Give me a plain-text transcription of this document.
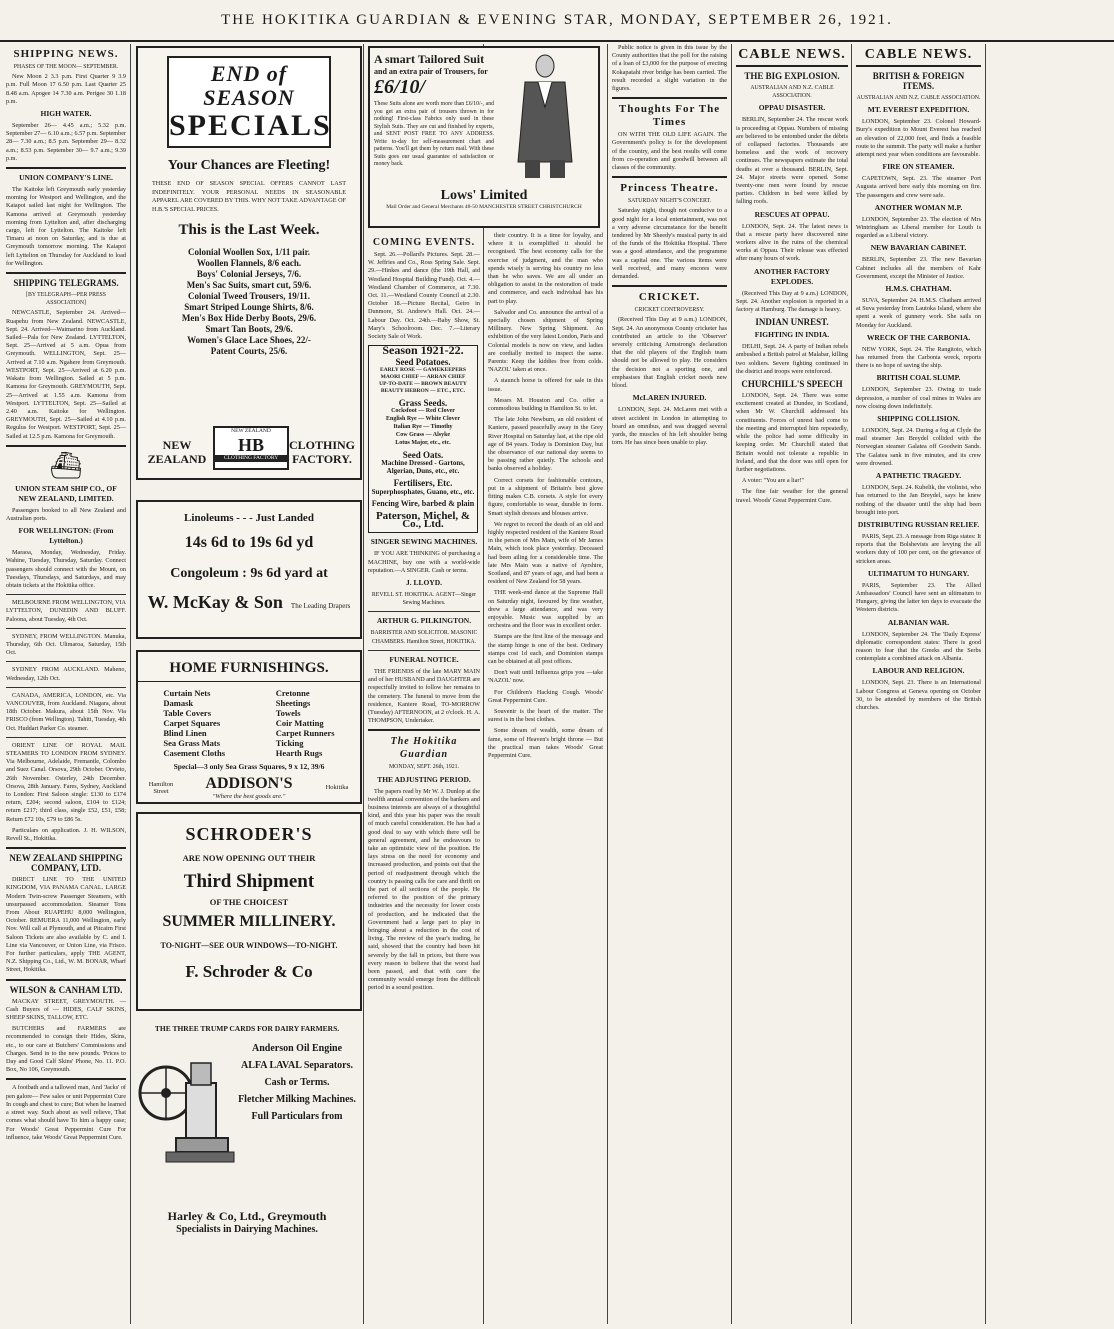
THE HOKITIKA GUARDIAN & EVENING STAR, MONDAY, SEPTEMBER 26, 1921.
SHIPPING NEWS.
PHASES OF THE MOON— SEPTEMBER.

New Moon 2 3.3 p.m. First Quarter 9 3.9 p.m. Full Moon 17 6.50 p.m. Last Quarter 25 8.48 a.m. Apogee 14 7.30 a.m. Perigee 30 1.18 p.m.

HIGH WATER.

September 26— 4.45 a.m.; 5.32 p.m. September 27— 6.10 a.m.; 6.57 p.m. September 28— 7.30 a.m.; 8.5 p.m. September 29— 8.32 a.m.; 8.53 p.m. September 30— 9.7 a.m.; 9.39 p.m.

UNION COMPANY'S LINE.

The Kaitoke left Greymouth early yesterday morning for Westport and Wellington, and the Kaiapoi sailed last night for Wellington. The Kamona arrived at Greymouth yesterday morning from Lyttelton and, after discharging cargo, left for Lyttelton. The Kaitoke left Timaru at noon on Saturday, and is due at Greymouth tomorrow morning. The Kaiapoi left Lyttelton on Thursday for Auckland to load for Wellington.

SHIPPING TELEGRAMS.
[BY TELEGRAPH—PER PRESS ASSOCIATION]

NEWCASTLE, September 24. Arrived—Ruapehu from New Zealand. NEWCASTLE, Sept. 24. Arrived—Waimarino from Auckland. Sailed—Pala for New Zealand. LYTTELTON, Sept. 25—Arrived at 5 a.m. Opua from Greymouth. WELLINGTON, Sept. 25—Arrived at 7.10 a.m. Ngahere from Greymouth. WESTPORT, Sept. 25—Arrived at 6.20 p.m. Wakatu from Wellington. Sailed at 5 p.m. Kamona for Greymouth. GREYMOUTH, Sept. 25—Arrived at 1.55 a.m. Kamona from Westport. LYTTELTON, Sept. 25—Sailed at 2.40 a.m. Kaitoke for Wellington. GREYMOUTH, Sept. 25—Sailed at 4.10 p.m. Regulus for Westport. WESTPORT, Sept. 25—Sailed at 12.5 p.m. Kamona for Greymouth.

⛴
UNION STEAM SHIP CO., OF NEW ZEALAND, LIMITED.

Passengers booked to all New Zealand and Australian ports.

FOR WELLINGTON: (From Lyttelton.)

Maraoa, Monday, Wednesday, Friday. Wahine, Tuesday, Thursday, Saturday. Connect passengers should connect with the Mount, on Tuesdays, Thursdays, and Saturdays, and may obtain tickets at the Hokitika office.

MELBOURNE FROM WELLINGTON, VIA LYTTELTON, DUNEDIN AND BLUFF. Paloona, about Tuesday, 4th Oct.

SYDNEY, FROM WELLINGTON. Manuka, Thursday, 6th Oct. Ulimaroa, Saturday, 15th Oct.

SYDNEY FROM AUCKLAND. Maheno, Wednesday, 12th Oct.

CANADA, AMERICA, LONDON, etc. Via VANCOUVER, from Auckland. Niagara, about 18th October. Makura, about 15th Nov. Via FRISCO (from Wellington). Tahiti, Tuesday, 4th Oct. Huddart Parker Co. steamer.

ORIENT LINE OF ROYAL MAIL STEAMERS TO LONDON FROM SYDNEY. Via Melbourne, Adelaide, Fremantle, Colombo and Suez Canal. Orsova, 29th October. Orvieto, 26th November. Osterley, 24th December. Orsova, 28th January. Fares, Sydney, Auckland to London: First Saloon single: £130 to £174 return, £204; second saloon, £104 to £124; return £217; third class, single £52, £51, £58; Return £72 10s, £79 to £86 5s.

Particulars on application. J. H. WILSON, Revell St., Hokitika.

NEW ZEALAND SHIPPING COMPANY, LTD.

DIRECT LINE TO THE UNITED KINGDOM, VIA PANAMA CANAL. LARGE Modern Twin-screw Passenger Steamers, with unsurpassed accommodation. Steamer Tons From About RUAPEHU 8,000 Wellington, October. REMUERA 11,000 Wellington, early Nov. Will call at Plymouth, and at Pitcairn First Saloon Tickets are also available by C. and I. Line via Vancouver, or Union Line, via Frisco. For further particulars, apply THE AGENT, N.Z. Shipping Co., Ltd., W. M. BONAR, Wharf Street, Hokitika.

WILSON & CANHAM LTD.

MACKAY STREET, GREYMOUTH. — Cash Buyers of — HIDES, CALF SKINS, SHEEP SKINS, TALLOW, ETC.

BUTCHERS and FARMERS are recommended to consign their Hides, Skins, etc., to our care at Butchers' Commissions and Charges. Send in to the new pounds. 'Prices to Day and Good Calf Skins' Phone, No. 11. P.O. Box, No 106, Greymouth.

A footbath and a tallowed man, And 'Jacks' of pen galore— Few sales or unit Peppermint Cure In cough and chest to cure; But when he learned a street way. Such about as well relieve, That comes what should have To him a happy case; For Woods' Great Peppermint Cure For influence, take Woods' Great Peppermint Cure.

END of SEASON
SPECIALS
Your Chances are Fleeting!
THESE END OF SEASON SPECIAL OFFERS CANNOT LAST INDEFINITELY. YOUR PERSONAL NEEDS IN SEASONABLE APPAREL ARE COVERED BY THIS. WHY NOT TAKE ADVANTAGE OF H.B.'S SPECIAL PRICES.
This is the Last Week.
Colonial Woollen Sox, 1/11 pair.
Woollen Flannels, 8/6 each.
Boys' Colonial Jerseys, 7/6.
Men's Sac Suits, smart cut, 59/6.
Colonial Tweed Trousers, 19/11.
Smart Striped Lounge Shirts, 8/6.
Men's Box Hide Derby Boots, 29/6.
Smart Tan Boots, 29/6.
Women's Glace Lace Shoes, 22/-
Patent Courts, 25/6.
NEW ZEALAND
NEW ZEALAND
HB
CLOTHING FACTORY
CLOTHING FACTORY.
Linoleums - - - Just Landed
14s 6d to 19s 6d yd
Congoleum : 9s 6d yard at
W. McKay & Son The Leading Drapers
HOME FURNISHINGS.
Curtain Nets
Damask
Table Covers
Carpet Squares
Blind Linen
Sea Grass Mats
Casement Cloths
Cretonne
Sheetings
Towels
Coir Matting
Carpet Runners
Ticking
Hearth Rugs
Special—3 only Sea Grass Squares, 9 x 12, 39/6
Hamilton Street	ADDISON'S
"Where the best goods are."
Hokitika
SCHRODER'S
ARE NOW OPENING OUT THEIR
Third Shipment
OF THE CHOICEST
SUMMER MILLINERY.
TO-NIGHT—SEE OUR WINDOWS—TO-NIGHT.
F. Schroder & Co
THE THREE TRUMP CARDS FOR DAIRY FARMERS.
Anderson Oil Engine
ALFA LAVAL Separators.
Cash or Terms.
Fletcher Milking Machines.
Full Particulars from
Harley & Co, Ltd., Greymouth
Specialists in Dairying Machines.
A smart Tailored Suit
and an extra pair of Trousers, for
£6/10/
These Suits alone are worth more than £6/10/-, and you get an extra pair of trousers thrown in for nothing! First-class Fabrics only used in these Stylish Suits. They are cut and finished by experts, and SENT POST FREE TO ANY ADDRESS. Write to-day for self-measurement chart and patterns. You'll get them by return mail. With these Suits goes our usual guarantee of satisfaction or money back.
Lows' Limited
Mail Order and General Merchants 48-50 MANCHESTER STREET CHRISTCHURCH
COMING EVENTS.

Sept. 26.—Pollard's Pictures. Sept. 28.—W. Jeffries and Co., Ross Spring Sale. Sept. 29.—Hinkes and dance (the 19th Hall, aid Westland Hospital Building Fund). Oct. 4.—Westland Chamber of Commerce, at 7.30. Oct. 11.—Westland County Council at 2.30. October 18.—Picture Recital, Geiro in Dunmore, St. Andrew's Hall. Oct. 24.—Labour Day. Oct. 24th.—Baby Show, St. Mary's Schoolroom. Dec. 7.—Literary Society Sale of Work.

Season 1921-22.
Seed Potatoes.
EARLY ROSE — GAMEKEEPERS
MAORI CHIEF — ARRAN CHIEF
UP-TO-DATE — BROWN BEAUTY
BEAUTY HEBRON — ETC., ETC.
Grass Seeds.
Cocksfoot — Red Clover
English Rye — White Clover
Italian Rye — Timothy
Cow Grass — Alsyke
Lotus Major, etc., etc.
Seed Oats.
Machine Dressed - Gartons, Algerian, Duns, etc., etc.
Fertilisers, Etc.
Superphosphates, Guano, etc., etc.
Fencing Wire, barbed & plain
Paterson, Michel, & Co., Ltd.
SINGER SEWING MACHINES.

IF YOU ARE THINKING of purchasing a MACHINE, buy one with a world-wide reputation.—A SINGER. Cash or terms.

J. LLOYD.
REVELL ST. HOKITIKA. AGENT—Singer Sewing Machines.
ARTHUR G. PILKINGTON.
BARRISTER AND SOLICITOR. MASONIC CHAMBERS. Hamilton Street, HOKITIKA.
FUNERAL NOTICE.

THE FRIENDS of the late MARY MAIN and of her HUSBAND and DAUGHTER are respectfully invited to follow her remains to the cemetery. The funeral to move from the residence, Kaniere Road, TO-MORROW (Tuesday) AFTERNOON, at 2 o'clock. H. A. THOMPSON, Undertaker.

The Hokitika Guardian
MONDAY, SEPT. 26th, 1921.
THE ADJUSTING PERIOD.

The papers read by Mr W. J. Dunlop at the twelfth annual convention of the bankers and business interests are always of a thoughtful kind, and this year his paper was the result of much careful consideration. He has had a good deal to say with which there will be general agreement, and he endeavours to take an optimistic view of the position. He lays stress on the need for economy and increased production, and points out that the period of readjustment through which the country is passing calls for care and thrift on the part of all sections of the people. He referred to the position of the primary industries and the necessity for lower costs of production, and he indicated that the Government had a large part to play in bringing about a reduction in the cost of living. The review of the year's trading, he said, showed that the country had been hit severely by the fall in prices, but there was every reason to believe that the worst had been passed, and that with care the community would emerge from the difficult period in a sound position.

their country. It is a time for loyalty, and where it is exemplified it should be recognised. The best economy calls for the exercise of judgment, and the man who spends wisely is serving his country no less than he who saves. We are all under an obligation to assist in the restoration of trade and commerce, and each individual has his part to play.

Salvador and Co. announce the arrival of a specially chosen shipment of Spring Millinery. New Spring Shipment. An exhibition of the very latest London, Paris and Colonial models is now on view, and ladies are cordially invited to inspect the same. Parents: Keep the kiddies free from colds. 'NAZOL' taken at once.

A staunch horse is offered for sale in this issue.

Messrs M. Houston and Co. offer a commodious building in Hamilton St. to let.

The late John Newburn, an old resident of Kaniere, passed peacefully away in the Grey River Hospital on Saturday last, at the ripe old age of 84 years. Today is Dominion Day, but the observance of our national day seems to be passing rather quietly. The schools and banks observed a holiday.

Correct corsets for fashionable contours, put in a shipment of Britain's best glove fitting makes C.B. corsets. A style for every figure, comfortable to wear, durable in form. Smart stylish dresses and blouses arrive.

We regret to record the death of an old and highly respected resident of the Kaniere Road in the person of Mrs Main, wife of Mr James Main, which took place yesterday. Deceased had been ailing for a considerable time. The late Mrs Main was a native of Ayrshire, Scotland, and 87 years of age, and had been a resident of New Zealand for 58 years.

THE week-end dance at the Supreme Hall on Saturday night, favoured by fine weather, drew a large attendance, and was very enjoyable. Music was supplied by an orchestra and the floor was in excellent order.

Stamps are the first line of the message and the stamp hinge is one of the best. Ordinary stamps cost 1d each, and Dominion stamps can be obtained at all post offices.

Don't wait until Influenza grips you —take 'NAZOL' now.

For Children's Hacking Cough. Woods' Great Peppermint Cure.

Souvenir is the heart of the matter. The surest is in the best clothes.

Some dream of wealth, some dream of fame, some of Heaven's bright throne — But the practical man takes Woods' Great Peppermint Cure.

Public notice is given in this issue by the County authorities that the poll for the raising of a loan of £3,000 for the purpose of erecting Kokapatahi river bridge has been carried. The result recorded a slight variation in the figures.

Thoughts For The Times

ON WITH THE OLD LIFE AGAIN. The Government's policy is for the development of the country, and the best results will come from co-operation and goodwill between all classes of the community.

Princess Theatre.
SATURDAY NIGHT'S CONCERT.

Saturday night, though not conducive to a good night for a local entertainment, was not a very adverse circumstance for the benefit tendered by Mr Sheedy's musical party in aid of the funds of the Hokitika Hospital. There was a good attendance, and the programme was a capital one. The various items were well received, and many encores were demanded.

CRICKET.
CRICKET CONTROVERSY.

(Received This Day at 9 a.m.) LONDON, Sept. 24. An anonymous County cricketer has contributed an article to the 'Observer' severely criticising Armstrong's declaration that the old players of the English team should not be allowed to play. He considers the decision not a sporting one, and emphasises that English cricket needs new blood.

McLAREN INJURED.

LONDON, Sept. 24. McLaren met with a street accident in London in attempting to board an omnibus, and was dragged several yards, the muscles of his left shoulder being torn. He has since been unable to play.

CABLE NEWS.
THE BIG EXPLOSION.
AUSTRALIAN AND N.Z. CABLE ASSOCIATION.
OPPAU DISASTER.

BERLIN, September 24. The rescue work is proceeding at Oppau. Numbers of missing are believed to be entombed under the débris of collapsed factories. Thousands are homeless and the work of recovery continues. The newspapers estimate the total deaths at over a thousand. BERLIN, Sept. 24. Major streets were opened. Some twenty-one men were found by rescue parties. Children in bed were killed by falling roofs.

RESCUES AT OPPAU.

LONDON, Sept. 24. The latest news is that a rescue party have discovered nine workers alive in the ruins of the chemical works at Oppau. Their release was effected after many hours of work.

ANOTHER FACTORY EXPLODES.

(Received This Day at 9 a.m.) LONDON, Sept. 24. Another explosion is reported in a factory at Hamburg. The damage is heavy.

INDIAN UNREST.
FIGHTING IN INDIA.

DELHI, Sept. 24. A party of Indian rebels ambushed a British patrol at Malabar, killing two soldiers. Severe fighting continued in the district and troops were reinforced.

CHURCHILL'S SPEECH

LONDON, Sept. 24. There was some excitement created at Dundee, in Scotland, when Mr W. Churchill addressed his constituents. Forces of unrest had come to the meeting and interrupted him repeatedly, while the police had some difficulty in keeping order. Mr Churchill stated that Britain would not tolerate a republic in Ireland, and that the door was still open for further negotiations.

A voter: "You are a liar!"

The fine fair weather for the general travel. Woods' Great Peppermint Cure.

CABLE NEWS.
BRITISH & FOREIGN ITEMS.
AUSTRALIAN AND N.Z. CABLE ASSOCIATION.
MT. EVEREST EXPEDITION.

LONDON, September 23. Colonel Howard-Bury's expedition to Mount Everest has reached an elevation of 22,000 feet, and finds a feasible route to the summit. The party will make a further attempt next year when conditions are favourable.

FIRE ON STEAMER.

CAPETOWN, Sept. 23. The steamer Port Augusta arrived here early this morning on fire. The passengers and crew were safe.

ANOTHER WOMAN M.P.

LONDON, September 23. The election of Mrs Wintringham as Liberal member for Louth is regarded as a Liberal victory.

NEW BAVARIAN CABINET.

BERLIN, September 23. The new Bavarian Cabinet includes all the members of Kahr Government, except the Minister of Justice.

H.M.S. CHATHAM.

SUVA, September 24. H.M.S. Chatham arrived at Suva yesterday from Lautoka Island, where she spent a week of gunnery work. She sails on Monday for Auckland.

WRECK OF THE CARBONIA.

NEW YORK, Sept. 24. The Rangitoto, which has returned from the Carbonia wreck, reports there is no hope of saving the ship.

BRITISH COAL SLUMP.

LONDON, September 23. Owing to trade depression, a number of coal mines in Wales are now closing down indefinitely.

SHIPPING COLLISION.

LONDON, Sept. 24. During a fog at Clyde the mail steamer Jan Breydel collided with the Norwegian steamer Galatea off Goodwin Sands. The Galatea sank in five minutes, and its crew were drowned.

A PATHETIC TRAGEDY.

LONDON, Sept. 24. Kubelik, the violinist, who has returned to the Jan Breydel, says he knew nothing of the disaster until the ship had been brought into port.

DISTRIBUTING RUSSIAN RELIEF.

PARIS, Sept. 23. A message from Riga states: It reports that the Bolshevists are levying the all workers duty of 100 per cent, on the grievance of stricken areas.

ULTIMATUM TO HUNGARY.

PARIS, September 23. The Allied Ambassadors' Council have sent an ultimatum to Hungary, giving the latter ten days to evacuate the Western districts.

ALBANIAN WAR.

LONDON, September 24. The 'Daily Express' diplomatic correspondent states: There is good reason to fear that the Greeks and the Serbs contemplate a combined attack on Albania.

LABOUR AND RELIGION.

LONDON, Sept. 23. There is an International Labour Congress at Geneva opening on October 30, to be attended by members of the British churches.
